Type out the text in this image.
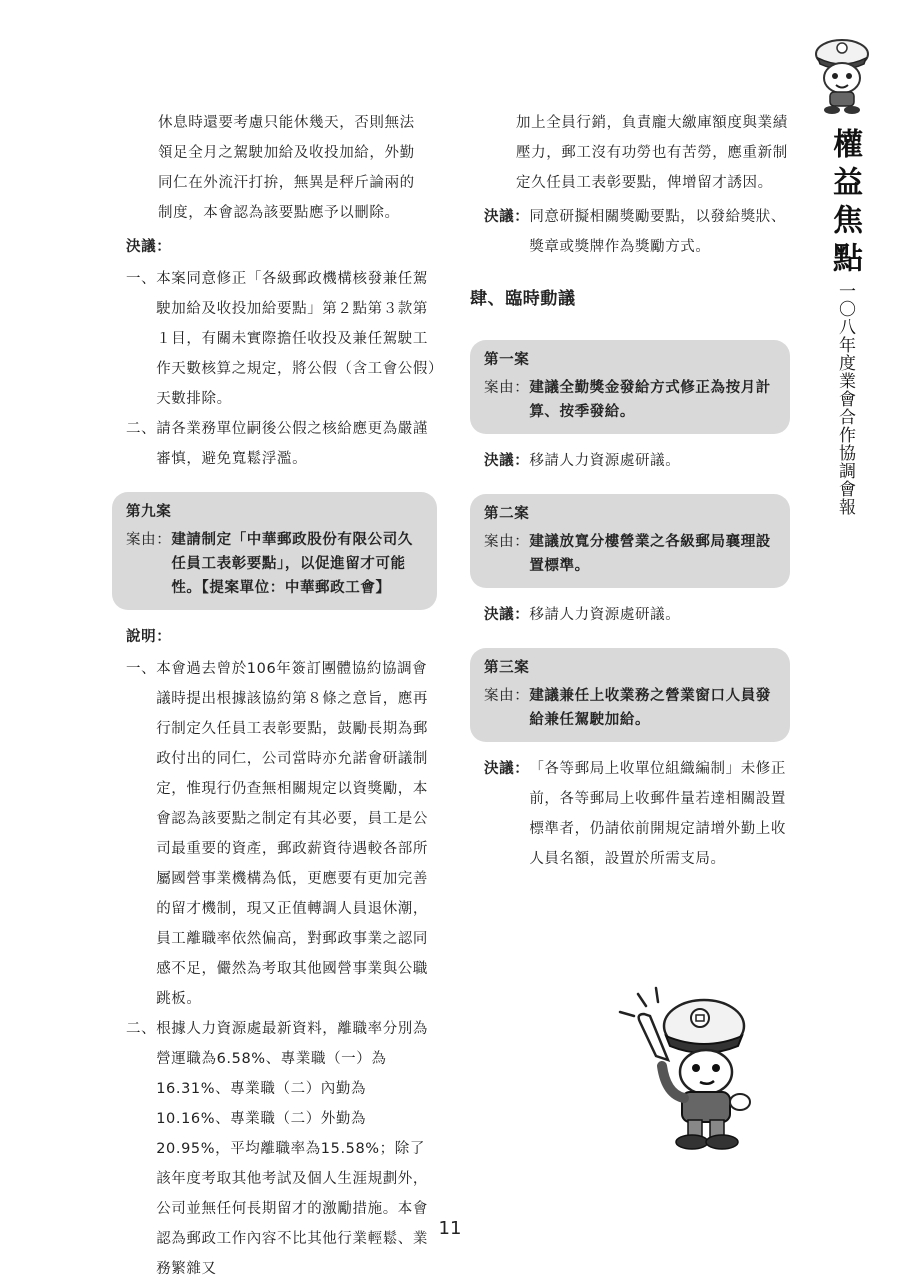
權益焦點
一〇八年度業會合作協調會報

休息時還要考慮只能休幾天，否則無法

領足全月之駕駛加給及收投加給，外勤

同仁在外流汗打拚，無異是秤斤論兩的

制度，本會認為該要點應予以刪除。

決議：
一、 本案同意修正「各級郵政機構核發兼任駕駛加給及收投加給要點」第２點第３款第１目，有關未實際擔任收投及兼任駕駛工作天數核算之規定，將公假（含工會公假）天數排除。
二、 請各業務單位嗣後公假之核給應更為嚴謹審慎，避免寬鬆浮濫。
第九案
案由： 建請制定「中華郵政股份有限公司久任員工表彰要點」，以促進留才可能性。【提案單位：中華郵政工會】
說明：
一、 本會過去曾於106年簽訂團體協約協調會議時提出根據該協約第８條之意旨，應再行制定久任員工表彰要點，鼓勵長期為郵政付出的同仁，公司當時亦允諾會研議制定，惟現行仍查無相關規定以資獎勵，本會認為該要點之制定有其必要，員工是公司最重要的資產，郵政薪資待遇較各部所屬國營事業機構為低，更應要有更加完善的留才機制，現又正值轉調人員退休潮，員工離職率依然偏高，對郵政事業之認同感不足，儼然為考取其他國營事業與公職跳板。
二、 根據人力資源處最新資料，離職率分別為營運職為6.58%、專業職（一）為16.31%、專業職（二）內勤為10.16%、專業職（二）外勤為20.95%，平均離職率為15.58%；除了該年度考取其他考試及個人生涯規劃外，公司並無任何長期留才的激勵措施。本會認為郵政工作內容不比其他行業輕鬆、業務繁雜又

加上全員行銷，負責龐大繳庫額度與業績壓力，郵工沒有功勞也有苦勞，應重新制定久任員工表彰要點，俾增留才誘因。

決議： 同意研擬相關獎勵要點，以發給獎狀、獎章或獎牌作為獎勵方式。
肆、臨時動議
第一案
案由： 建議全勤獎金發給方式修正為按月計算、按季發給。
決議： 移請人力資源處研議。
第二案
案由： 建議放寬分樓營業之各級郵局襄理設置標準。
決議： 移請人力資源處研議。
第三案
案由： 建議兼任上收業務之營業窗口人員發給兼任駕駛加給。
決議： 「各等郵局上收單位組織編制」未修正前，各等郵局上收郵件量若達相關設置標準者，仍請依前開規定請增外勤上收人員名額，設置於所需支局。
11
